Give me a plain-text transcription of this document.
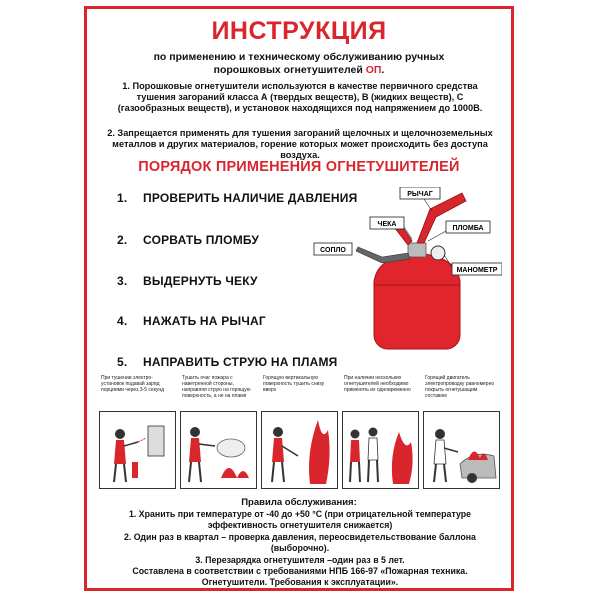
ИНСТРУКЦИЯ
по применению и техническому обслуживанию ручных
порошковых огнетушителей ОП.
1. Порошковые огнетушители используются в качестве первичного средства тушения загораний класса А (твердых веществ), В (жидких веществ), С (газообразных веществ), и установок находящихся под напряжением до 1000В.
2. Запрещается применять для тушения загораний щелочных и щелочноземельных металлов и других материалов, горение которых может происходить без доступа воздуха.
ПОРЯДОК ПРИМЕНЕНИЯ ОГНЕТУШИТЕЛЕЙ
1. ПРОВЕРИТЬ НАЛИЧИЕ ДАВЛЕНИЯ
2. СОРВАТЬ ПЛОМБУ
3. ВЫДЕРНУТЬ ЧЕКУ
4. НАЖАТЬ НА РЫЧАГ
5. НАПРАВИТЬ СТРУЮ НА ПЛАМЯ
РЫЧАГ
ЧЕКА
ПЛОМБА
СОПЛО
МАНОМЕТР
При тушении электро-установок подавай заряд порциями через 3-5 секунд
Тушить очаг пожара с наветренной стороны, направляя струю на горящую поверхность, а не на пламя
Горящую вертикальную поверхность тушить снизу вверх
При наличии нескольких огнетушителей необходимо применять их одновременно
Горящий двигатель электропроводку равномерно покрыть огнетушащим составом
Правила обслуживания:
1. Хранить при температуре от -40 до +50 °С (при отрицательной температуре эффективность огнетушителя снижается)
2. Один раз в квартал – проверка давления, переосвидетельствование баллона (выборочно).
3. Перезарядка огнетушителя –один раз в 5 лет.
Составлена в соответствии с требованиями НПБ 166-97 «Пожарная техника. Огнетушители. Требования к эксплуатации».
